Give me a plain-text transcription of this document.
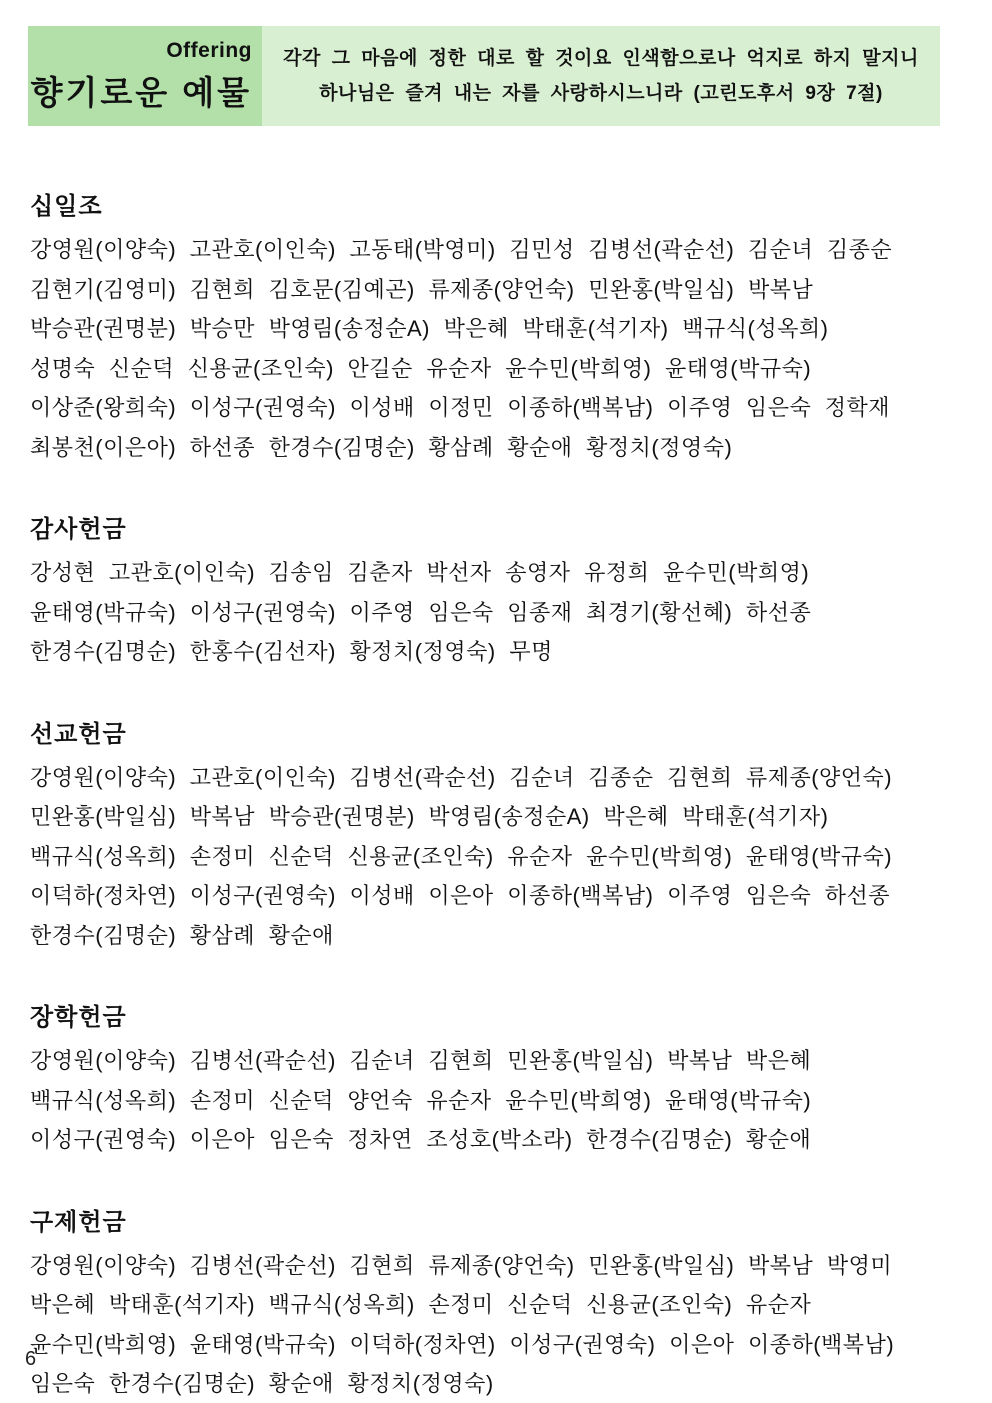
Offering
향기로운 예물
각각 그 마음에 정한 대로 할 것이요 인색함으로나 억지로 하지 말지니
하나님은 즐겨 내는 자를 사랑하시느니라 (고린도후서 9장 7절)
십일조

강영원(이양숙) 고관호(이인숙) 고동태(박영미) 김민성 김병선(곽순선) 김순녀 김종순

김현기(김영미) 김현희 김호문(김예곤) 류제종(양언숙) 민완홍(박일심) 박복남

박승관(권명분) 박승만 박영림(송정순A) 박은혜 박태훈(석기자) 백규식(성옥희)

성명숙 신순덕 신용균(조인숙) 안길순 유순자 윤수민(박희영) 윤태영(박규숙)

이상준(왕희숙) 이성구(권영숙) 이성배 이정민 이종하(백복남) 이주영 임은숙 정학재

최봉천(이은아) 하선종 한경수(김명순) 황삼례 황순애 황정치(정영숙)

감사헌금

강성현 고관호(이인숙) 김송임 김춘자 박선자 송영자 유정희 윤수민(박희영)

윤태영(박규숙) 이성구(권영숙) 이주영 임은숙 임종재 최경기(황선혜) 하선종

한경수(김명순) 한홍수(김선자) 황정치(정영숙) 무명

선교헌금

강영원(이양숙) 고관호(이인숙) 김병선(곽순선) 김순녀 김종순 김현희 류제종(양언숙)

민완홍(박일심) 박복남 박승관(권명분) 박영림(송정순A) 박은혜 박태훈(석기자)

백규식(성옥희) 손정미 신순덕 신용균(조인숙) 유순자 윤수민(박희영) 윤태영(박규숙)

이덕하(정차연) 이성구(권영숙) 이성배 이은아 이종하(백복남) 이주영 임은숙 하선종

한경수(김명순) 황삼례 황순애

장학헌금

강영원(이양숙) 김병선(곽순선) 김순녀 김현희 민완홍(박일심) 박복남 박은혜

백규식(성옥희) 손정미 신순덕 양언숙 유순자 윤수민(박희영) 윤태영(박규숙)

이성구(권영숙) 이은아 임은숙 정차연 조성호(박소라) 한경수(김명순) 황순애

구제헌금

강영원(이양숙) 김병선(곽순선) 김현희 류제종(양언숙) 민완홍(박일심) 박복남 박영미

박은혜 박태훈(석기자) 백규식(성옥희) 손정미 신순덕 신용균(조인숙) 유순자

윤수민(박희영) 윤태영(박규숙) 이덕하(정차연) 이성구(권영숙) 이은아 이종하(백복남)

임은숙 한경수(김명순) 황순애 황정치(정영숙)

6
